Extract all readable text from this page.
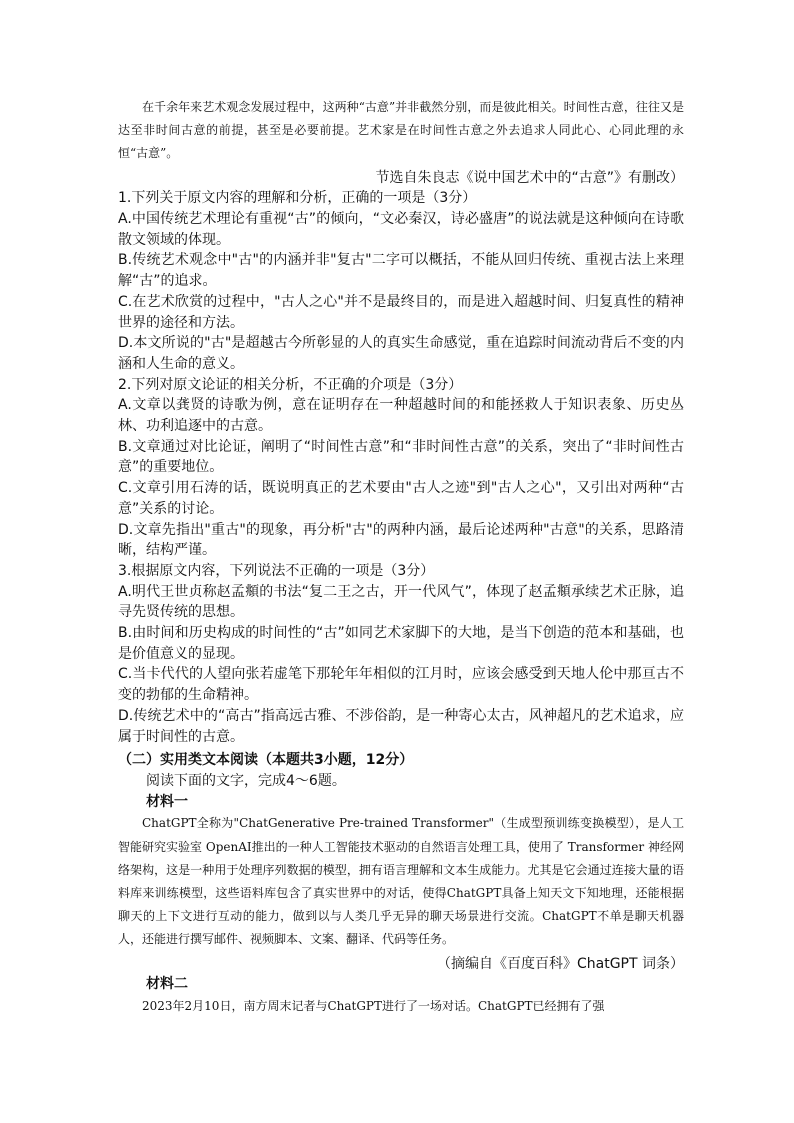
在千余年来艺术观念发展过程中，这两种“古意”并非截然分别，而是彼此相关。时间性古意，往往又是达至非时间古意的前提，甚至是必要前提。艺术家是在时间性古意之外去追求人同此心、心同此理的永恒“古意”。

节选自朱良志《说中国艺术中的“古意”》有删改）

1.下列关于原文内容的理解和分析，正确的一项是（3分）

A.中国传统艺术理论有重视“古”的倾向，“文必秦汉，诗必盛唐”的说法就是这种倾向在诗歌散文领域的体现。

B.传统艺术观念中"古"的内涵并非"复古"二字可以概括，不能从回归传统、重视古法上来理解“古”的追求。

C.在艺术欣赏的过程中，"古人之心"并不是最终目的，而是进入超越时间、归复真性的精神世界的途径和方法。

D.本文所说的"古"是超越古今所彰显的人的真实生命感觉，重在追踪时间流动背后不变的内涵和人生命的意义。

2.下列对原文论证的相关分析，不正确的介项是（3分）

A.文章以龚贤的诗歌为例，意在证明存在一种超越时间的和能拯救人于知识表象、历史丛林、功利追逐中的古意。

B.文章通过对比论证，阐明了“时间性古意”和“非时间性古意”的关系，突出了“非时间性古意”的重要地位。

C.文章引用石涛的话，既说明真正的艺术要由"古人之迹"到"古人之心"，又引出对两种“古意”关系的讨论。

D.文章先指出"重古"的现象，再分析"古"的两种内涵，最后论述两种"古意"的关系，思路清晰，结构严谨。

3.根据原文内容，下列说法不正确的一项是（3分）

A.明代王世贞称赵孟頫的书法“复二王之古，开一代风气”，体现了赵孟頫承续艺术正脉，追寻先贤传统的思想。

B.由时间和历史构成的时间性的“古”如同艺术家脚下的大地，是当下创造的范本和基础，也是价值意义的显现。

C.当卡代代的人望向张若虚笔下那轮年年相似的江月时，应该会感受到天地人伦中那亘古不变的勃郁的生命精神。

D.传统艺术中的“高古”指高远古雅、不涉俗韵，是一种寄心太古，风神超凡的艺术追求，应属于时间性的古意。

（二）实用类文本阅读（本题共3小题，12分）

阅读下面的文字，完成4～6题。

材料一

ChatGPT全称为"ChatGenerative Pre-trained Transformer"（生成型预训练变换模型），是人工智能研究实验室 OpenAI推出的一种人工智能技术驱动的自然语言处理工具，使用了 Transformer 神经网络架构，这是一种用于处理序列数据的模型，拥有语言理解和文本生成能力。尤其是它会通过连接大量的语料库来训练模型，这些语料库包含了真实世界中的对话，使得ChatGPT具备上知天文下知地理，还能根据聊天的上下文进行互动的能力，做到以与人类几乎无异的聊天场景进行交流。ChatGPT不单是聊天机器人，还能进行撰写邮件、视频脚本、文案、翻译、代码等任务。

（摘编自《百度百科》ChatGPT 词条）

材料二

2023年2月10日，南方周末记者与ChatGPT进行了一场对话。ChatGPT已经拥有了强
